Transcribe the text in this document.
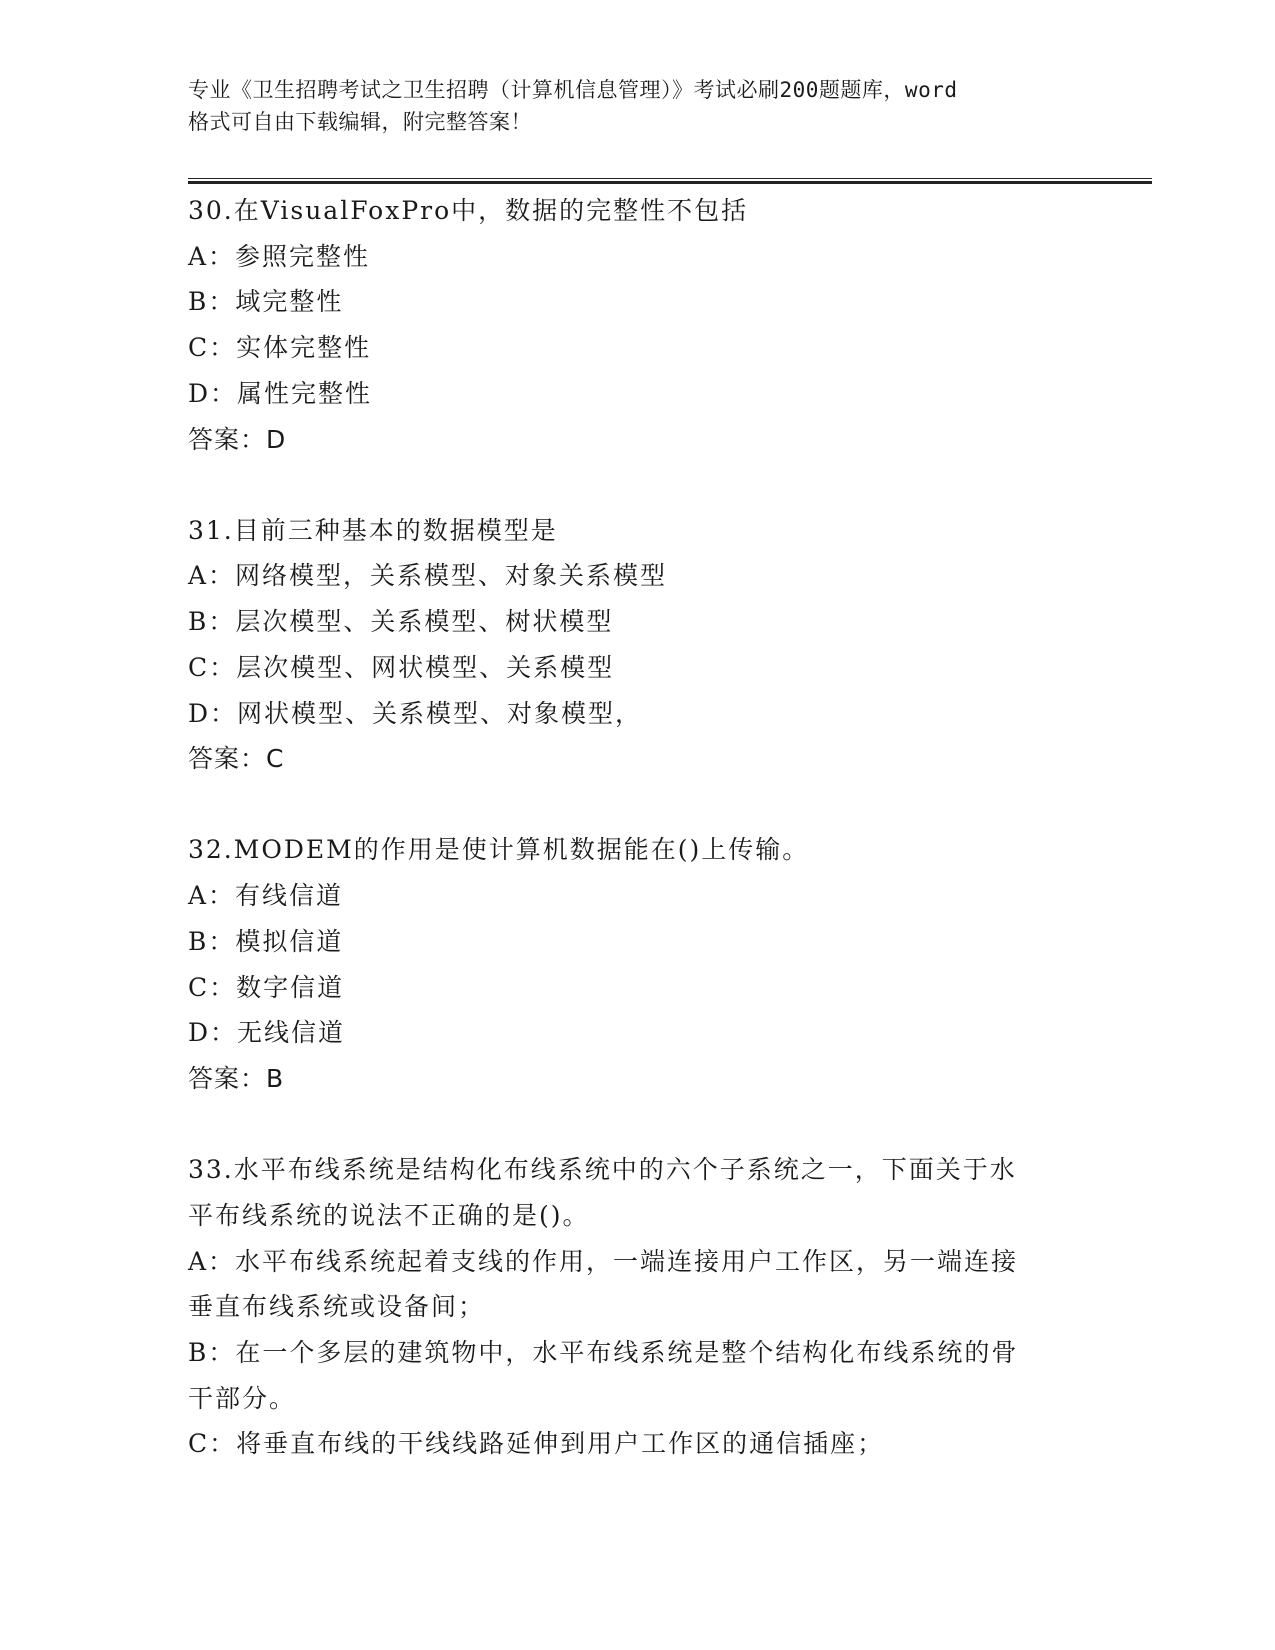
专业《卫生招聘考试之卫生招聘（计算机信息管理）》考试必刷200题题库，word
格式可自由下载编辑，附完整答案！
30.在VisualFoxPro中，数据的完整性不包括
A：参照完整性
B：域完整性
C：实体完整性
D：属性完整性
答案：D
31.目前三种基本的数据模型是
A：网络模型，关系模型、对象关系模型
B：层次模型、关系模型、树状模型
C：层次模型、网状模型、关系模型
D：网状模型、关系模型、对象模型，
答案：C
32.MODEM的作用是使计算机数据能在()上传输。
A：有线信道
B：模拟信道
C：数字信道
D：无线信道
答案：B
33.水平布线系统是结构化布线系统中的六个子系统之一，下面关于水
平布线系统的说法不正确的是()。
A：水平布线系统起着支线的作用，一端连接用户工作区，另一端连接
垂直布线系统或设备间；
B：在一个多层的建筑物中，水平布线系统是整个结构化布线系统的骨
干部分。
C：将垂直布线的干线线路延伸到用户工作区的通信插座；
